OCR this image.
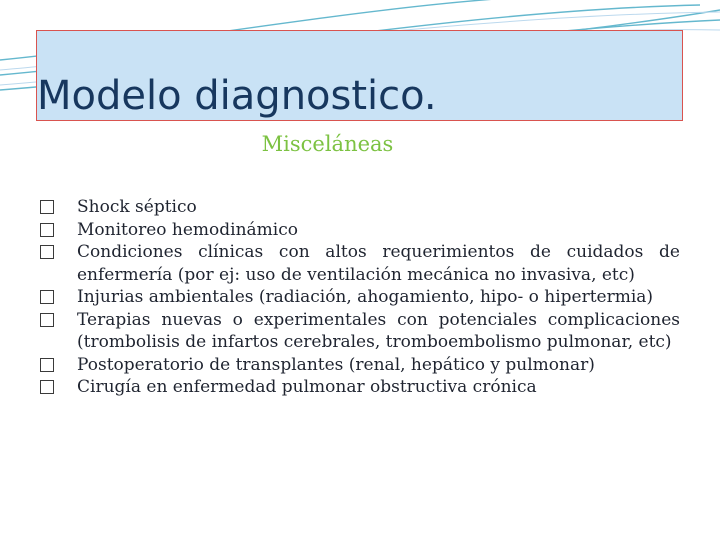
Modelo diagnostico.
Misceláneas
Shock séptico
Monitoreo hemodinámico
Condiciones clínicas con altos requerimientos de cuidados de enfermería (por ej: uso de ventilación mecánica no invasiva, etc)
Injurias ambientales (radiación, ahogamiento, hipo- o hipertermia)
Terapias nuevas o experimentales con potenciales complicaciones (trombolisis de infartos cerebrales, tromboembolismo pulmonar, etc)
Postoperatorio de transplantes (renal, hepático y pulmonar)
Cirugía en enfermedad pulmonar obstructiva crónica
